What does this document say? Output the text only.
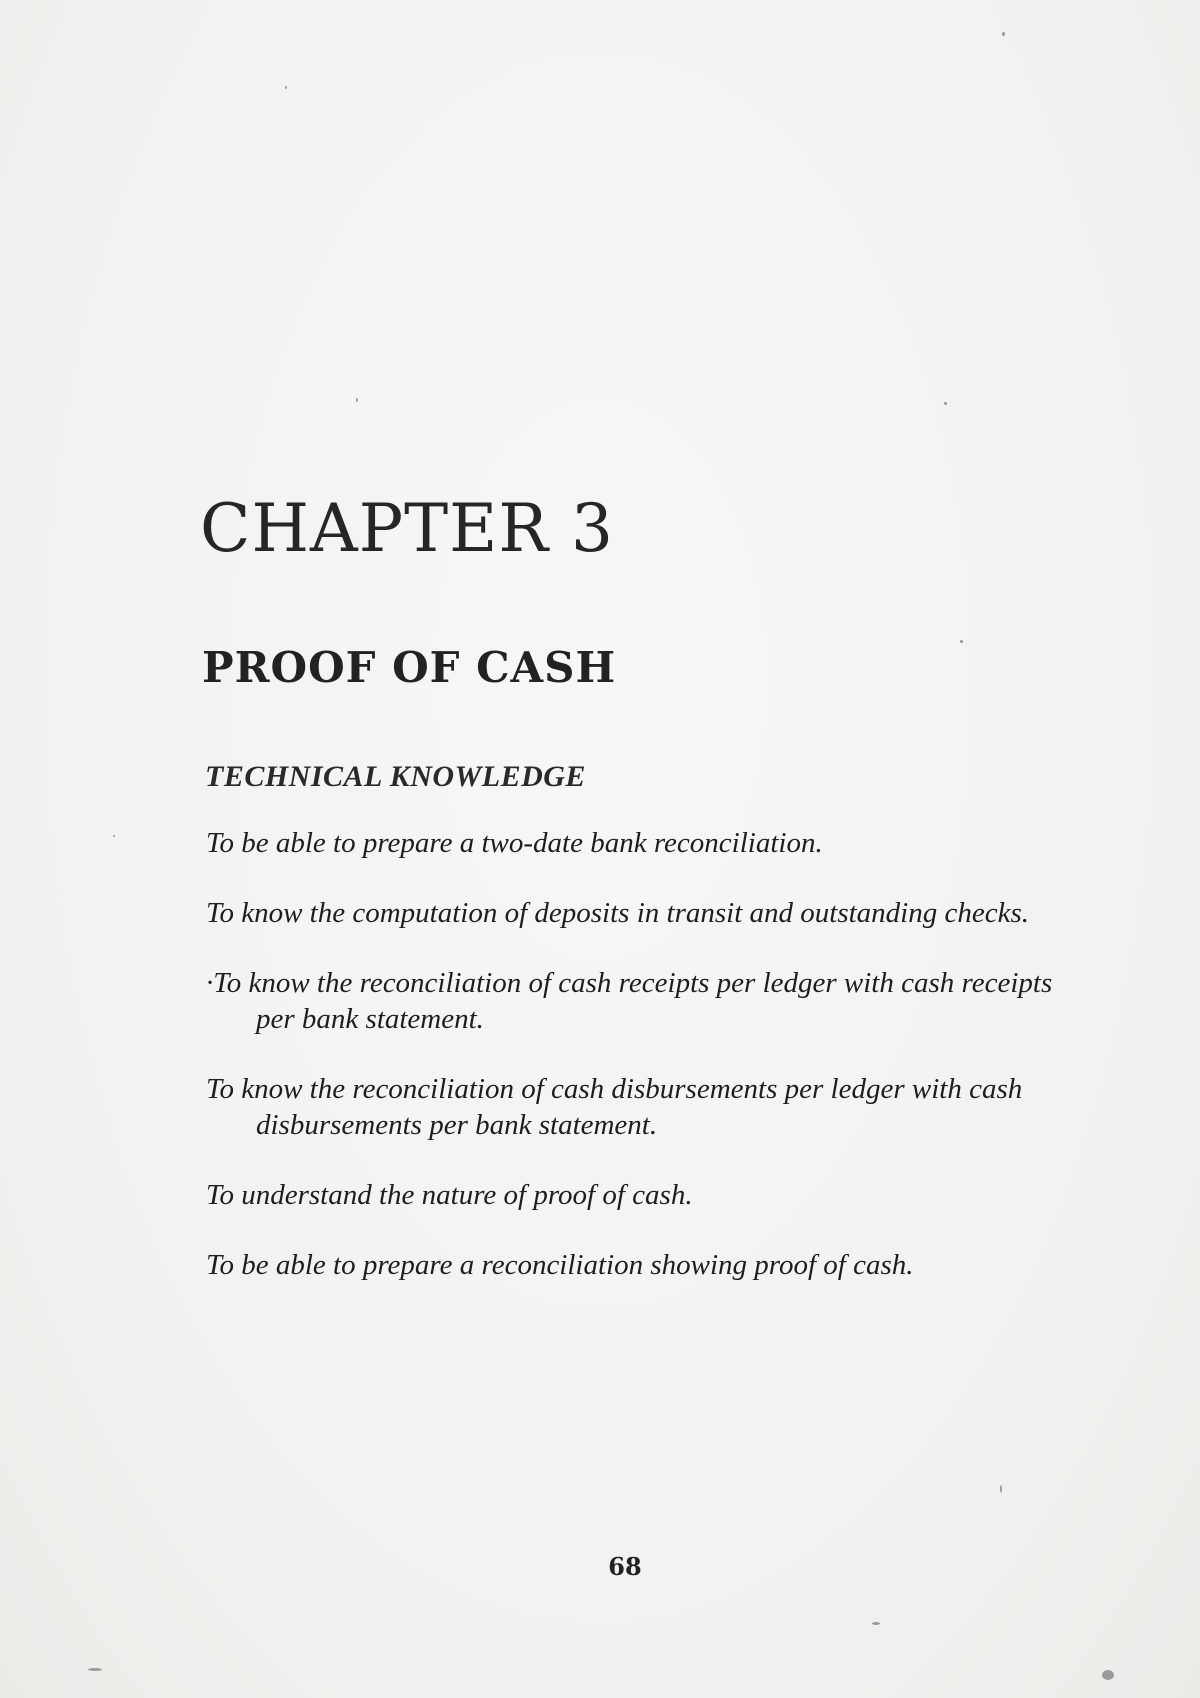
CHAPTER 3
PROOF OF CASH
TECHNICAL KNOWLEDGE
To be able to prepare a two-date bank reconciliation.
To know the computation of deposits in transit and outstanding checks.
·To know the reconciliation of cash receipts per ledger with cash receipts per bank statement.
To know the reconciliation of cash disbursements per ledger with cash disbursements per bank statement.
To understand the nature of proof of cash.
To be able to prepare a reconciliation showing proof of cash.
68
